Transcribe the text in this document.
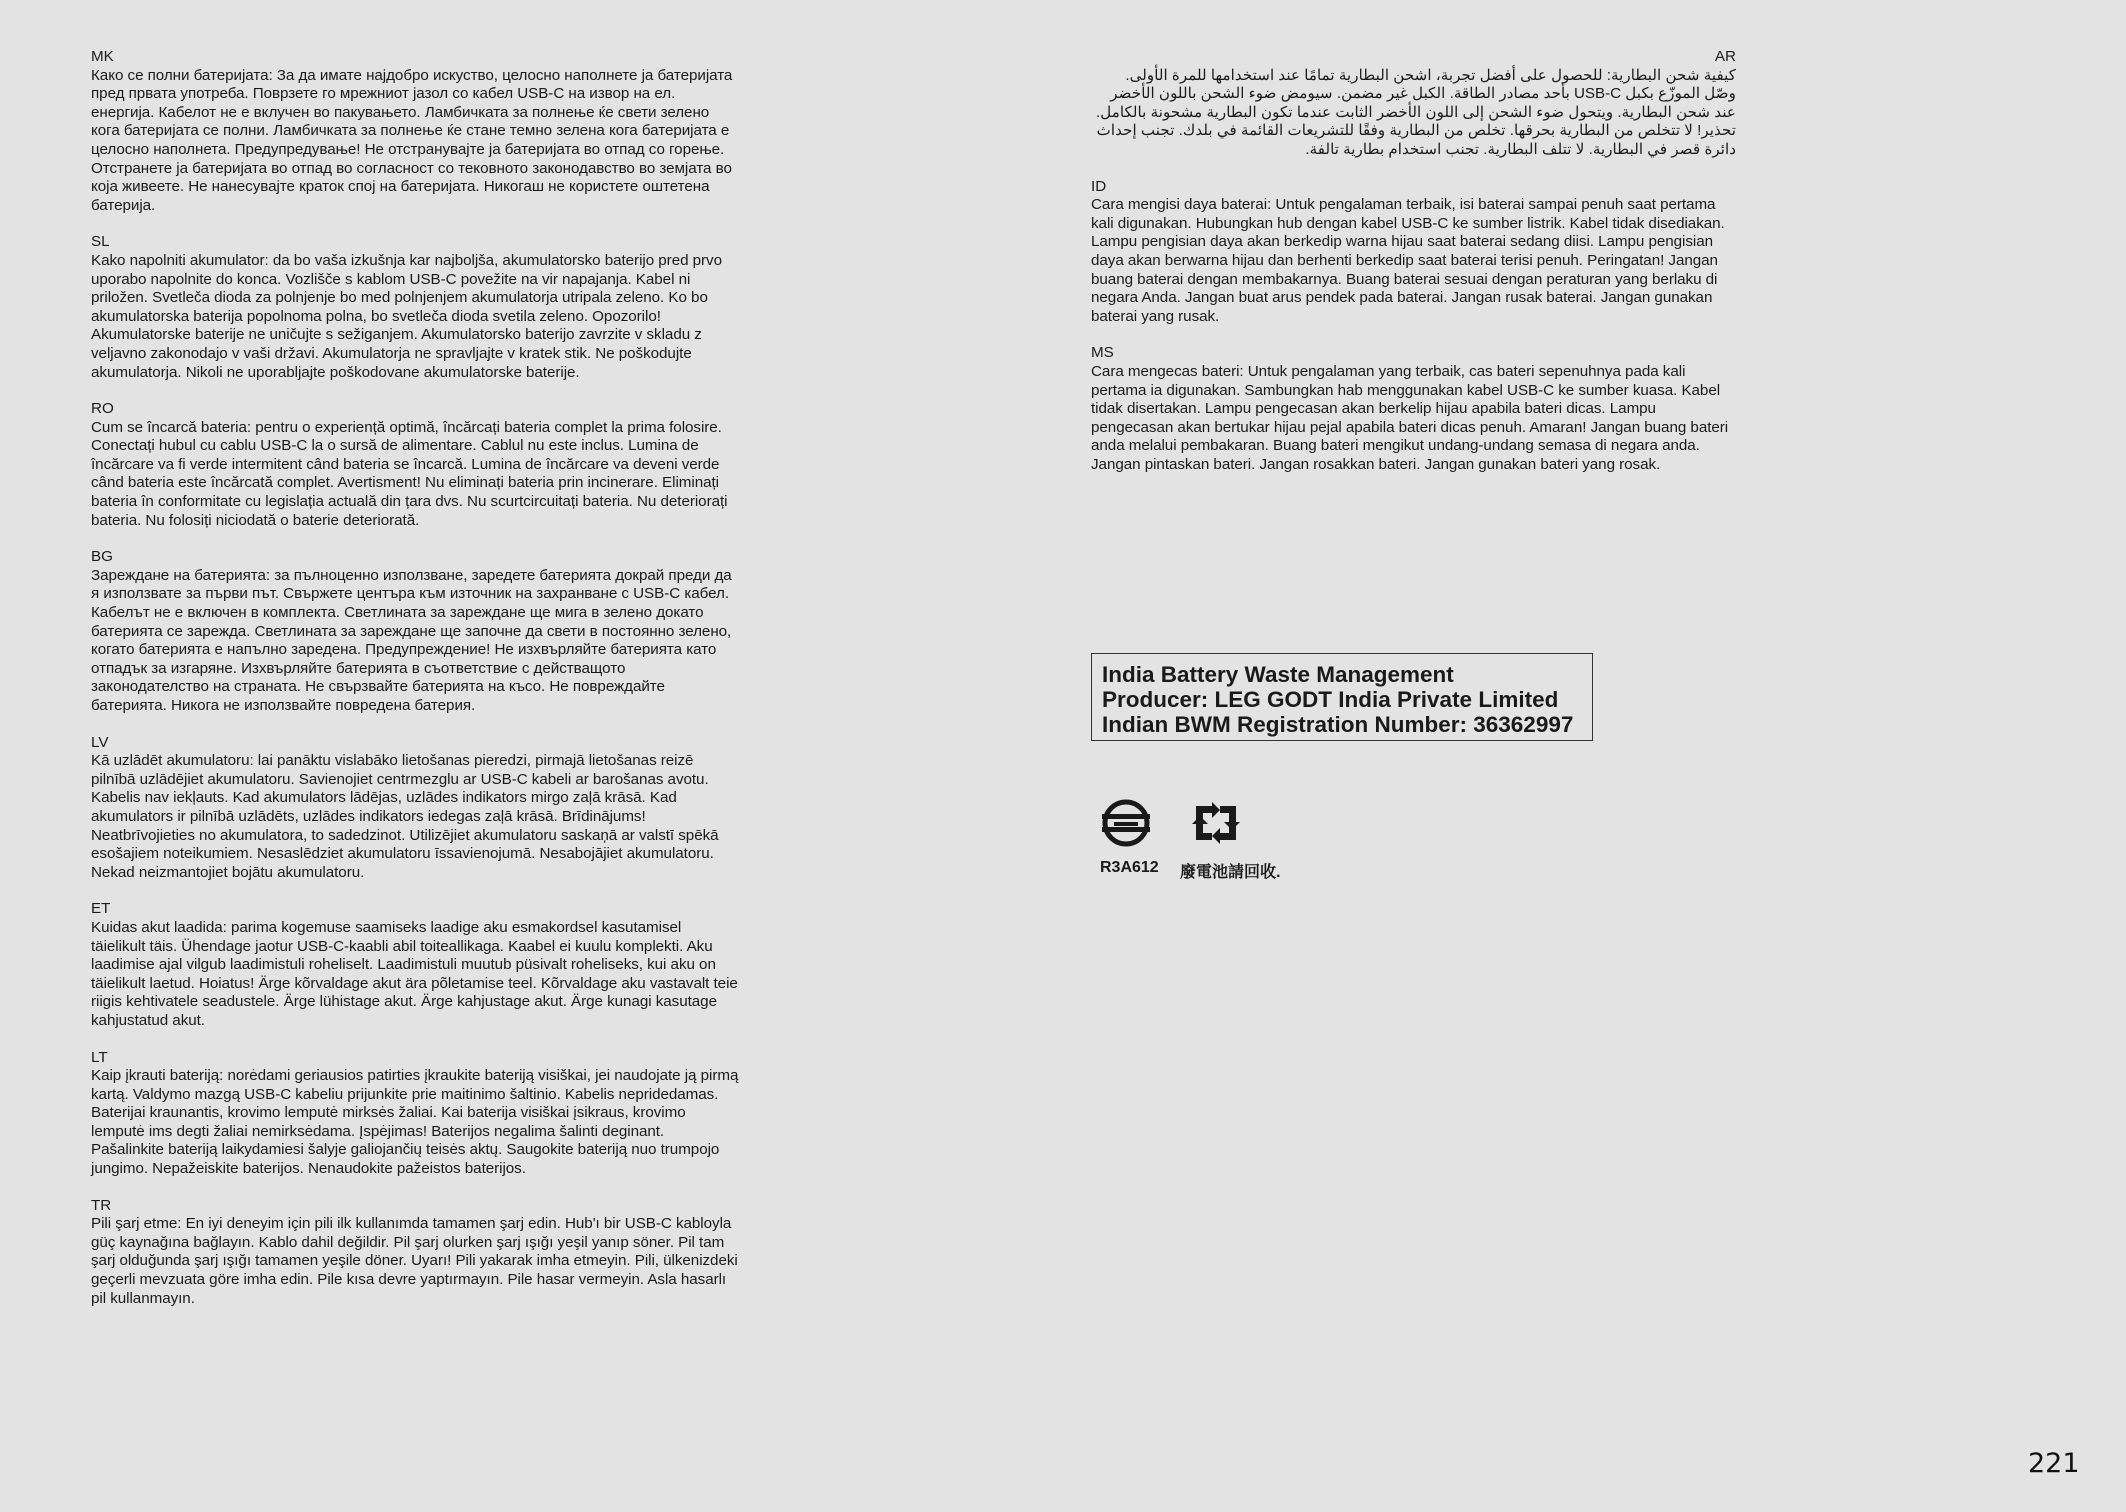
MK
Како се полни батеријата: За да имате најдобро искуство, целосно наполнете ја батеријата пред првата употреба. Поврзете го мрежниот јазол со кабел USB-C на извор на ел. енергија. Кабелот не е вклучен во пакувањето. Ламбичката за полнење ќе свети зелено кога батеријата се полни. Ламбичката за полнење ќе стане темно зелена кога батеријата е целосно наполнета. Предупредување! Не отстранувајте ја батеријата во отпад со горење. Отстранете ја батеријата во отпад во согласност со тековното законодавство во земјата во која живеете. Не нанесувајте краток спој на батеријата. Никогаш не користете оштетена батерија.
SL
Kako napolniti akumulator: da bo vaša izkušnja kar najboljša, akumulatorsko baterijo pred prvo uporabo napolnite do konca. Vozlišče s kablom USB-C povežite na vir napajanja. Kabel ni priložen. Svetleča dioda za polnjenje bo med polnjenjem akumulatorja utripala zeleno. Ko bo akumulatorska baterija popolnoma polna, bo svetleča dioda svetila zeleno. Opozorilo! Akumulatorske baterije ne uničujte s sežiganjem. Akumulatorsko baterijo zavrzite v skladu z veljavno zakonodajo v vaši državi. Akumulatorja ne spravljajte v kratek stik. Ne poškodujte akumulatorja. Nikoli ne uporabljajte poškodovane akumulatorske baterije.
RO
Cum se încarcă bateria: pentru o experiență optimă, încărcați bateria complet la prima folosire. Conectați hubul cu cablu USB-C la o sursă de alimentare. Cablul nu este inclus. Lumina de încărcare va fi verde intermitent când bateria se încarcă. Lumina de încărcare va deveni verde când bateria este încărcată complet. Avertisment! Nu eliminați bateria prin incinerare. Eliminați bateria în conformitate cu legislația actuală din țara dvs. Nu scurtcircuitați bateria. Nu deteriorați bateria. Nu folosiți niciodată o baterie deteriorată.
BG
Зареждане на батерията: за пълноценно използване, заредете батерията докрай преди да я използвате за първи път. Свържете центъра към източник на захранване с USB-C кабел. Кабелът не е включен в комплекта. Светлината за зареждане ще мига в зелено докато батерията се зарежда. Светлината за зареждане ще започне да свети в постоянно зелено, когато батерията е напълно заредена. Предупреждение! Не изхвърляйте батерията като отпадък за изгаряне. Изхвърляйте батерията в съответствие с действащото законодателство на страната. Не свързвайте батерията на късо. Не повреждайте батерията. Никога не използвайте повредена батерия.
LV
Kā uzlādēt akumulatoru: lai panāktu vislabāko lietošanas pieredzi, pirmajā lietošanas reizē pilnībā uzlādējiet akumulatoru. Savienojiet centrmezglu ar USB-C kabeli ar barošanas avotu. Kabelis nav iekļauts. Kad akumulators lādējas, uzlādes indikators mirgo zaļā krāsā. Kad akumulators ir pilnībā uzlādēts, uzlādes indikators iedegas zaļā krāsā. Brīdinājums! Neatbrīvojieties no akumulatora, to sadedzinot. Utilizējiet akumulatoru saskaņā ar valstī spēkā esošajiem noteikumiem. Nesaslēdziet akumulatoru īssavienojumā. Nesabojājiet akumulatoru. Nekad neizmantojiet bojātu akumulatoru.
ET
Kuidas akut laadida: parima kogemuse saamiseks laadige aku esmakordsel kasutamisel täielikult täis. Ühendage jaotur USB-C-kaabli abil toiteallikaga. Kaabel ei kuulu komplekti. Aku laadimise ajal vilgub laadimistuli roheliselt. Laadimistuli muutub püsivalt roheliseks, kui aku on täielikult laetud. Hoiatus! Ärge kõrvaldage akut ära põletamise teel. Kõrvaldage aku vastavalt teie riigis kehtivatele seadustele. Ärge lühistage akut. Ärge kahjustage akut. Ärge kunagi kasutage kahjustatud akut.
LT
Kaip įkrauti bateriją: norėdami geriausios patirties įkraukite bateriją visiškai, jei naudojate ją pirmą kartą. Valdymo mazgą USB-C kabeliu prijunkite prie maitinimo šaltinio. Kabelis nepridedamas. Baterijai kraunantis, krovimo lemputė mirksės žaliai. Kai baterija visiškai įsikraus, krovimo lemputė ims degti žaliai nemirksėdama. Įspėjimas! Baterijos negalima šalinti deginant. Pašalinkite bateriją laikydamiesi šalyje galiojančių teisės aktų. Saugokite bateriją nuo trumpojo jungimo. Nepažeiskite baterijos. Nenaudokite pažeistos baterijos.
TR
Pili şarj etme: En iyi deneyim için pili ilk kullanımda tamamen şarj edin. Hub'ı bir USB-C kabloyla güç kaynağına bağlayın. Kablo dahil değildir. Pil şarj olurken şarj ışığı yeşil yanıp söner. Pil tam şarj olduğunda şarj ışığı tamamen yeşile döner. Uyarı! Pili yakarak imha etmeyin. Pili, ülkenizdeki geçerli mevzuata göre imha edin. Pile kısa devre yaptırmayın. Pile hasar vermeyin. Asla hasarlı pil kullanmayın.
AR
كيفية شحن البطارية: للحصول على أفضل تجربة، اشحن البطارية تمامًا عند استخدامها للمرة الأولى. وصّل الموزّع بكبل USB-C بأحد مصادر الطاقة. الكبل غير مضمن. سيومض ضوء الشحن باللون الأخضر عند شحن البطارية. ويتحول ضوء الشحن إلى اللون الأخضر الثابت عندما تكون البطارية مشحونة بالكامل. تحذير! لا تتخلص من البطارية بحرقها. تخلص من البطارية وفقًا للتشريعات القائمة في بلدك. تجنب إحداث دائرة قصر في البطارية. لا تتلف البطارية. تجنب استخدام بطارية تالفة.
ID
Cara mengisi daya baterai: Untuk pengalaman terbaik, isi baterai sampai penuh saat pertama kali digunakan. Hubungkan hub dengan kabel USB-C ke sumber listrik. Kabel tidak disediakan. Lampu pengisian daya akan berkedip warna hijau saat baterai sedang diisi. Lampu pengisian daya akan berwarna hijau dan berhenti berkedip saat baterai terisi penuh. Peringatan! Jangan buang baterai dengan membakarnya. Buang baterai sesuai dengan peraturan yang berlaku di negara Anda. Jangan buat arus pendek pada baterai. Jangan rusak baterai. Jangan gunakan baterai yang rusak.
MS
Cara mengecas bateri: Untuk pengalaman yang terbaik, cas bateri sepenuhnya pada kali pertama ia digunakan. Sambungkan hab menggunakan kabel USB-C ke sumber kuasa. Kabel tidak disertakan. Lampu pengecasan akan berkelip hijau apabila bateri dicas. Lampu pengecasan akan bertukar hijau pejal apabila bateri dicas penuh. Amaran! Jangan buang bateri anda melalui pembakaran. Buang bateri mengikut undang-undang semasa di negara anda. Jangan pintaskan bateri. Jangan rosakkan bateri. Jangan gunakan bateri yang rosak.
India Battery Waste Management
Producer: LEG GODT India Private Limited
Indian BWM Registration Number: 36362997
R3A612 廢電池請回收.
221
